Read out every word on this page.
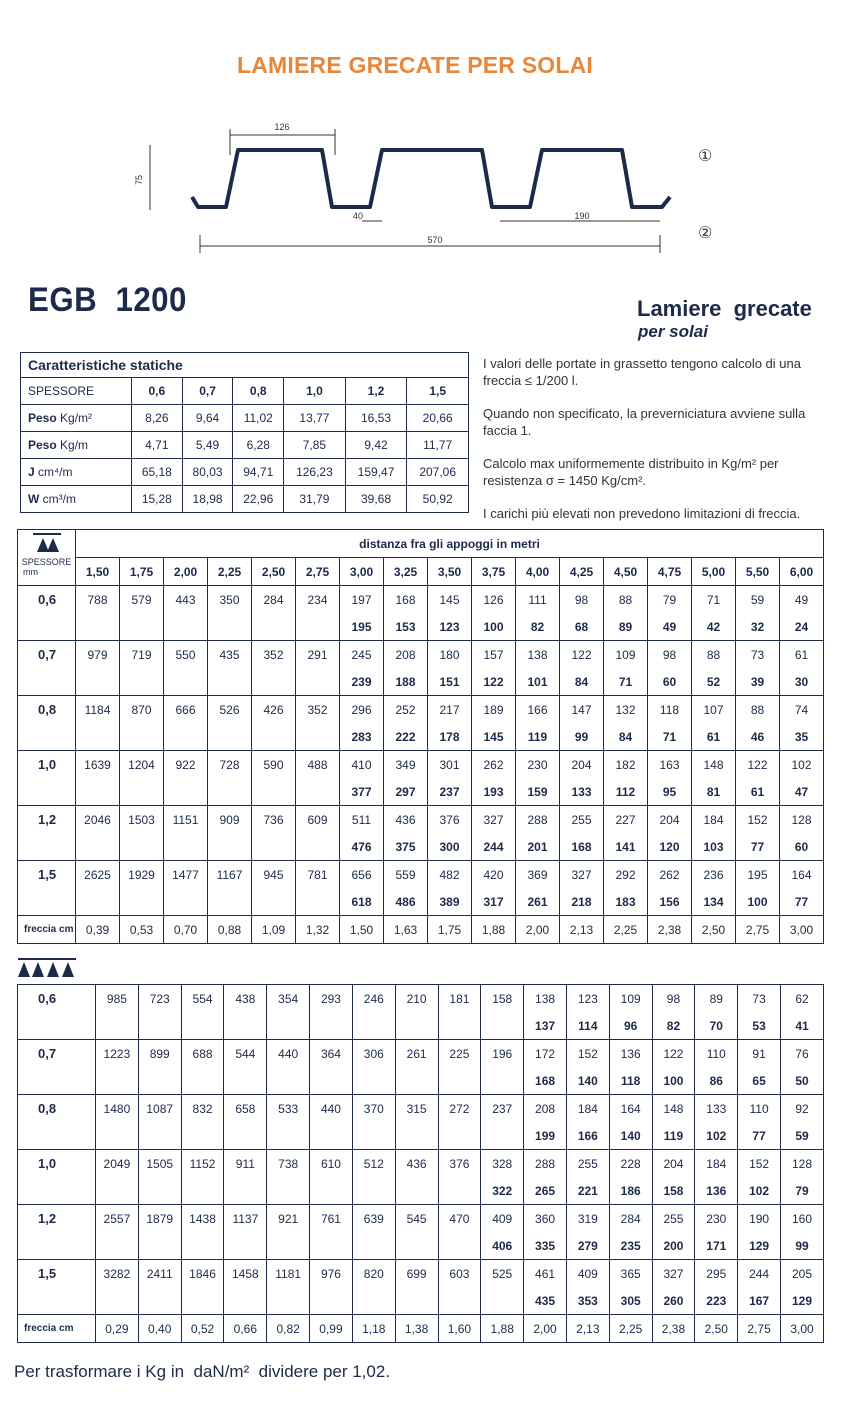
LAMIERE GRECATE PER SOLAI
126
75
40	190
570
①
②
EGB  1200	Lamiere  grecate
per solai

I valori delle portate in grassetto tengono calcolo di una freccia ≤ 1/200 l.

Quando non specificato, la preverniciatura avviene sulla faccia 1.

Calcolo max uniformemente distribuito in Kg/m² per resistenza σ = 1450 Kg/cm².

I carichi più elevati non prevedono limitazioni di freccia.

Caratteristiche statiche						
SPESSORE	0,6	0,7	0,8	1,0	1,2	1,5
Peso Kg/m²	8,26	9,64	11,02	13,77	16,53	20,66
Peso Kg/m	4,71	5,49	6,28	7,85	9,42	11,77
J cm⁴/m	65,18	80,03	94,71	126,23	159,47	207,06
W cm³/m	15,28	18,98	22,96	31,79	39,68	50,92
SPESSORE
mm	distanza fra gli appoggi in metri																
	1,50	1,75	2,00	2,25	2,50	2,75	3,00	3,25	3,50	3,75	4,00	4,25	4,50	4,75	5,00	5,50	6,00
0,6	788	579	443	350	284	234	197	168	145	126	111	98	88	79	71	59	49
							195	153	123	100	82	68	89	49	42	32	24
0,7	979	719	550	435	352	291	245	208	180	157	138	122	109	98	88	73	61
							239	188	151	122	101	84	71	60	52	39	30
0,8	1184	870	666	526	426	352	296	252	217	189	166	147	132	118	107	88	74
							283	222	178	145	119	99	84	71	61	46	35
1,0	1639	1204	922	728	590	488	410	349	301	262	230	204	182	163	148	122	102
							377	297	237	193	159	133	112	95	81	61	47
1,2	2046	1503	1151	909	736	609	511	436	376	327	288	255	227	204	184	152	128
							476	375	300	244	201	168	141	120	103	77	60
1,5	2625	1929	1477	1167	945	781	656	559	482	420	369	327	292	262	236	195	164
							618	486	389	317	261	218	183	156	134	100	77
freccia cm	0,39	0,53	0,70	0,88	1,09	1,32	1,50	1,63	1,75	1,88	2,00	2,13	2,25	2,38	2,50	2,75	3,00
0,6	985	723	554	438	354	293	246	210	181	158	138	123	109	98	89	73	62
											137	114	96	82	70	53	41
0,7	1223	899	688	544	440	364	306	261	225	196	172	152	136	122	110	91	76
											168	140	118	100	86	65	50
0,8	1480	1087	832	658	533	440	370	315	272	237	208	184	164	148	133	110	92
											199	166	140	119	102	77	59
1,0	2049	1505	1152	911	738	610	512	436	376	328	288	255	228	204	184	152	128
										322	265	221	186	158	136	102	79
1,2	2557	1879	1438	1137	921	761	639	545	470	409	360	319	284	255	230	190	160
										406	335	279	235	200	171	129	99
1,5	3282	2411	1846	1458	1181	976	820	699	603	525	461	409	365	327	295	244	205
											435	353	305	260	223	167	129
freccia cm	0,29	0,40	0,52	0,66	0,82	0,99	1,18	1,38	1,60	1,88	2,00	2,13	2,25	2,38	2,50	2,75	3,00
Per trasformare i Kg in  daN/m²  dividere per 1,02.
